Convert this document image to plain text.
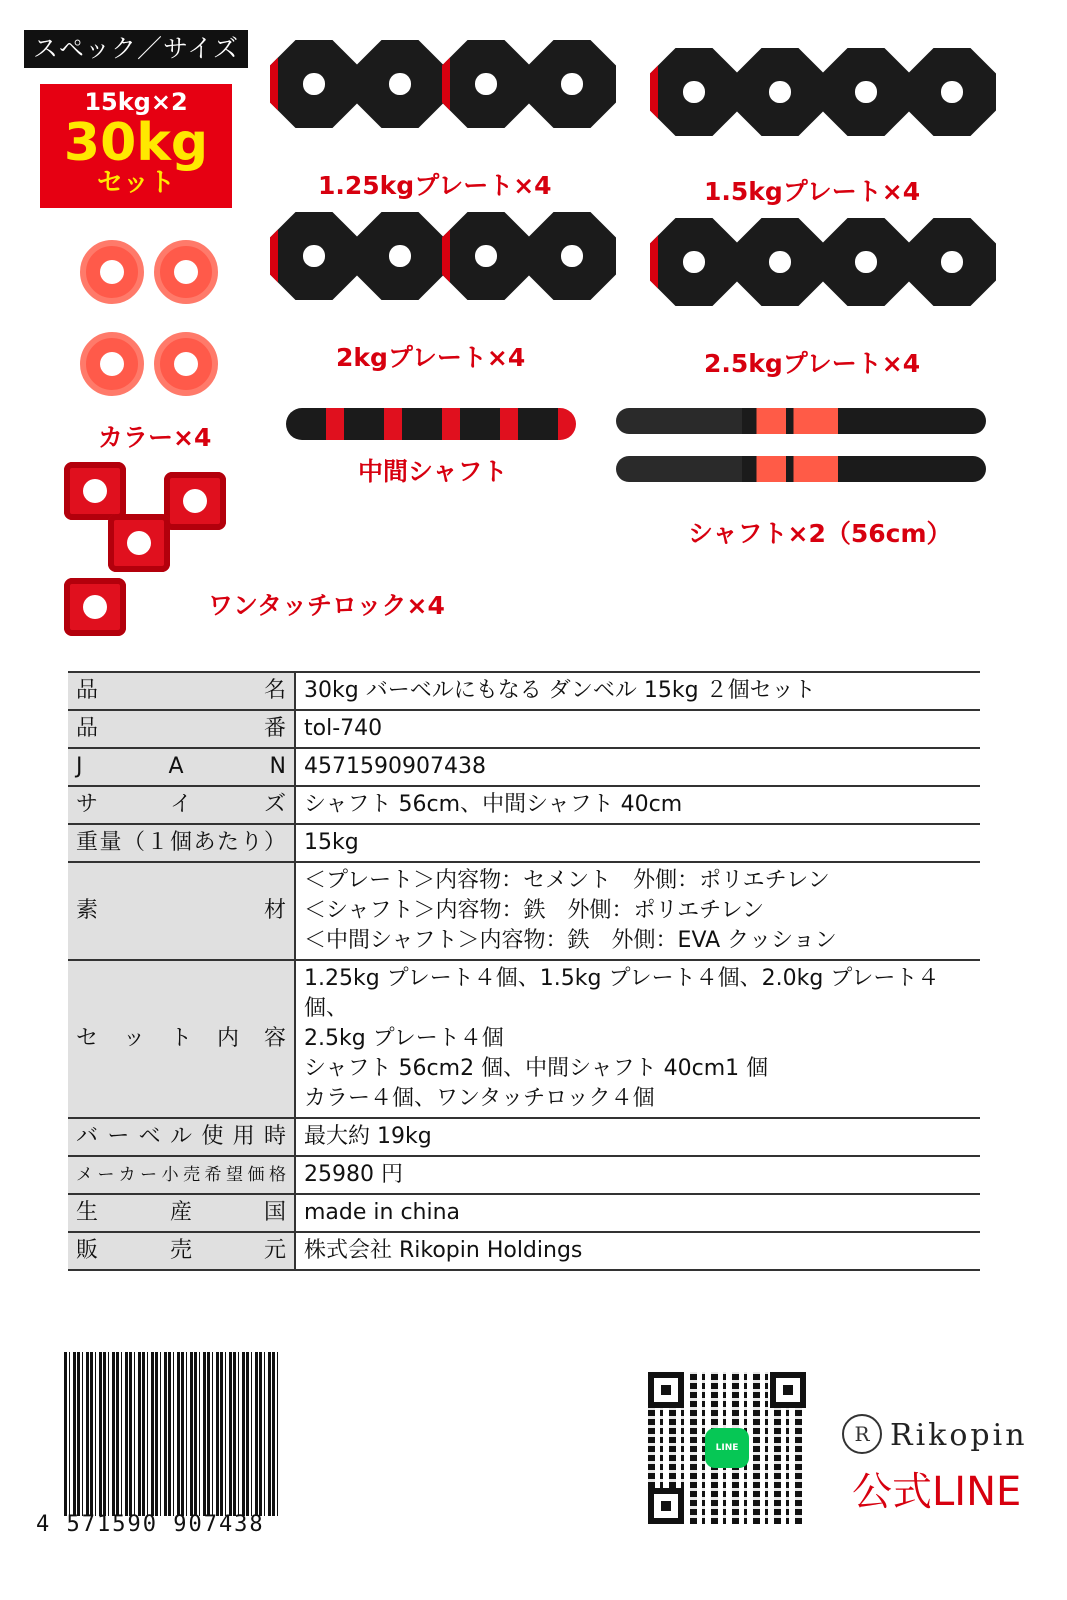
スペック／サイズ
15kg×2
30kg
セット	1.25kgプレート×4	1.5kgプレート×4
2kgプレート×4	2.5kgプレート×4
カラー×4
中間シャフト
シャフト×2（56cm）
ワンタッチロック×4
品　　　名	30kg バーベルにもなる ダンベル 15kg ２個セット

品　　　番	tol-740

J　A　N	4571590907438

サ　イ　ズ	シャフト 56cm、中間シャフト 40cm

重量（１個あたり）	15kg

素　　　材	＜プレート＞内容物：セメント　外側：ポリエチレン
＜シャフト＞内容物：鉄　外側：ポリエチレン
＜中間シャフト＞内容物：鉄　外側：EVA クッション

セ ッ ト 内 容	1.25kg プレート４個、1.5kg プレート４個、2.0kg プレート４個、
2.5kg プレート４個
シャフト 56cm2 個、中間シャフト 40cm1 個
カラー４個、ワンタッチロック４個

バーベル使用時	最大約 19kg

メーカー小売希望価格	25980 円

生　産　国	made in china

販　売　元	株式会社 Rikopin Holdings
4 571590 907438
LINE
R Rikopin
公式LINE
